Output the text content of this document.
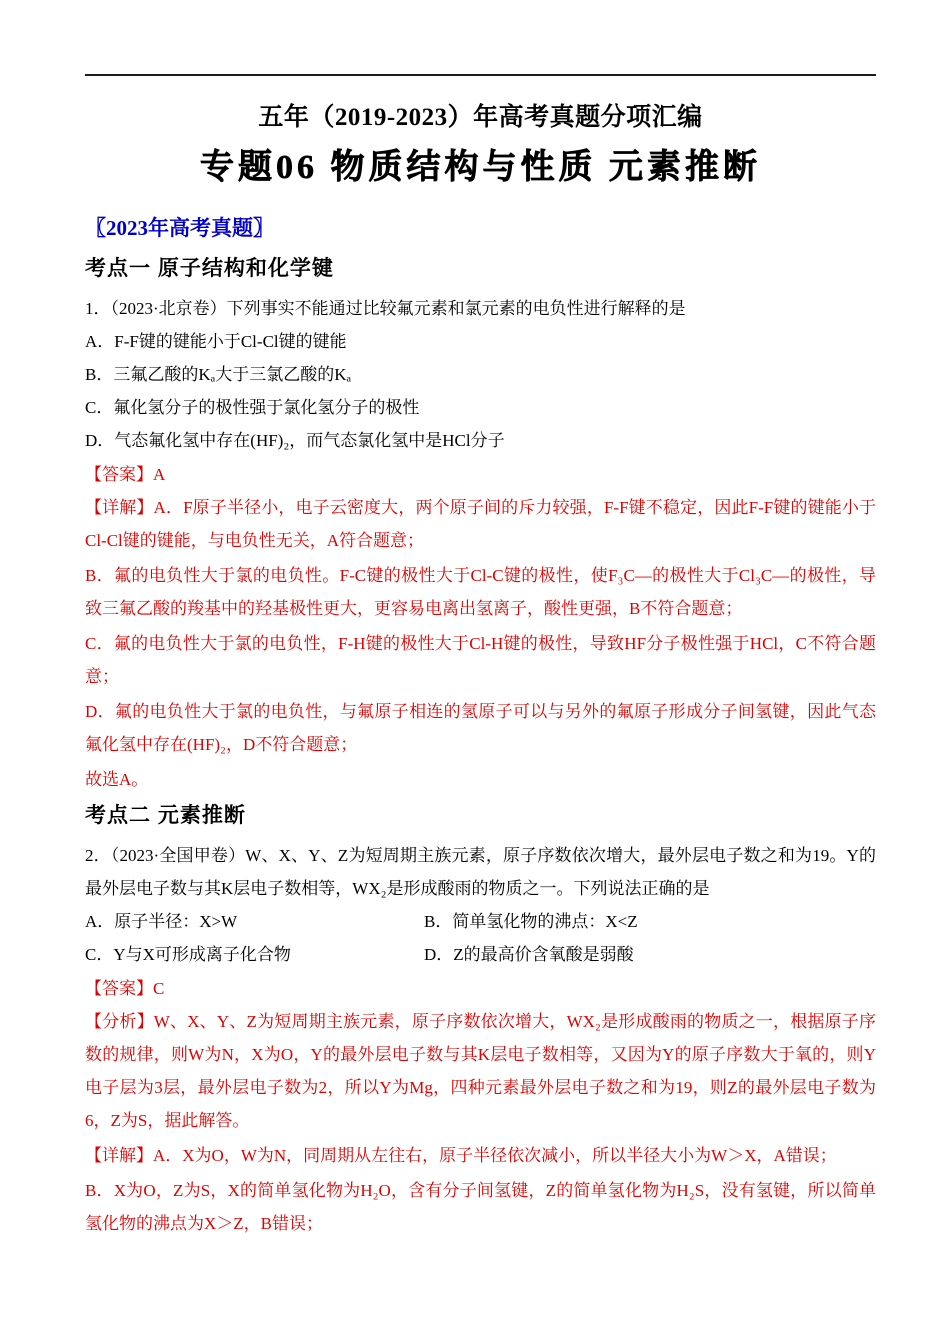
五年（2019-2023）年高考真题分项汇编
专题06 物质结构与性质 元素推断
〖2023年高考真题〗
考点一 原子结构和化学键

1．（2023·北京卷）下列事实不能通过比较氟元素和氯元素的电负性进行解释的是

A．F-F键的键能小于Cl-Cl键的键能

B．三氟乙酸的Kₐ大于三氯乙酸的Kₐ

C．氟化氢分子的极性强于氯化氢分子的极性

D．气态氟化氢中存在(HF)₂，而气态氯化氢中是HCl分子

【答案】A

【详解】A．F原子半径小，电子云密度大，两个原子间的斥力较强，F-F键不稳定，因此F-F键的键能小于Cl-Cl键的键能，与电负性无关，A符合题意；

B．氟的电负性大于氯的电负性。F-C键的极性大于Cl-C键的极性，使F₃C—的极性大于Cl₃C—的极性，导致三氟乙酸的羧基中的羟基极性更大，更容易电离出氢离子，酸性更强，B不符合题意；

C．氟的电负性大于氯的电负性，F-H键的极性大于Cl-H键的极性，导致HF分子极性强于HCl，C不符合题意；

D．氟的电负性大于氯的电负性，与氟原子相连的氢原子可以与另外的氟原子形成分子间氢键，因此气态氟化氢中存在(HF)₂，D不符合题意；

故选A。

考点二 元素推断

2．（2023·全国甲卷）W、X、Y、Z为短周期主族元素，原子序数依次增大，最外层电子数之和为19。Y的最外层电子数与其K层电子数相等，WX₂是形成酸雨的物质之一。下列说法正确的是

A．原子半径：X>W	B．简单氢化物的沸点：X<Z

C．Y与X可形成离子化合物	D．Z的最高价含氧酸是弱酸

【答案】C

【分析】W、X、Y、Z为短周期主族元素，原子序数依次增大，WX₂是形成酸雨的物质之一，根据原子序数的规律，则W为N，X为O，Y的最外层电子数与其K层电子数相等，又因为Y的原子序数大于氧的，则Y电子层为3层，最外层电子数为2，所以Y为Mg，四种元素最外层电子数之和为19，则Z的最外层电子数为6，Z为S，据此解答。

【详解】A．X为O，W为N，同周期从左往右，原子半径依次减小，所以半径大小为W＞X，A错误；

B．X为O，Z为S，X的简单氢化物为H₂O，含有分子间氢键，Z的简单氢化物为H₂S，没有氢键，所以简单氢化物的沸点为X＞Z，B错误；
